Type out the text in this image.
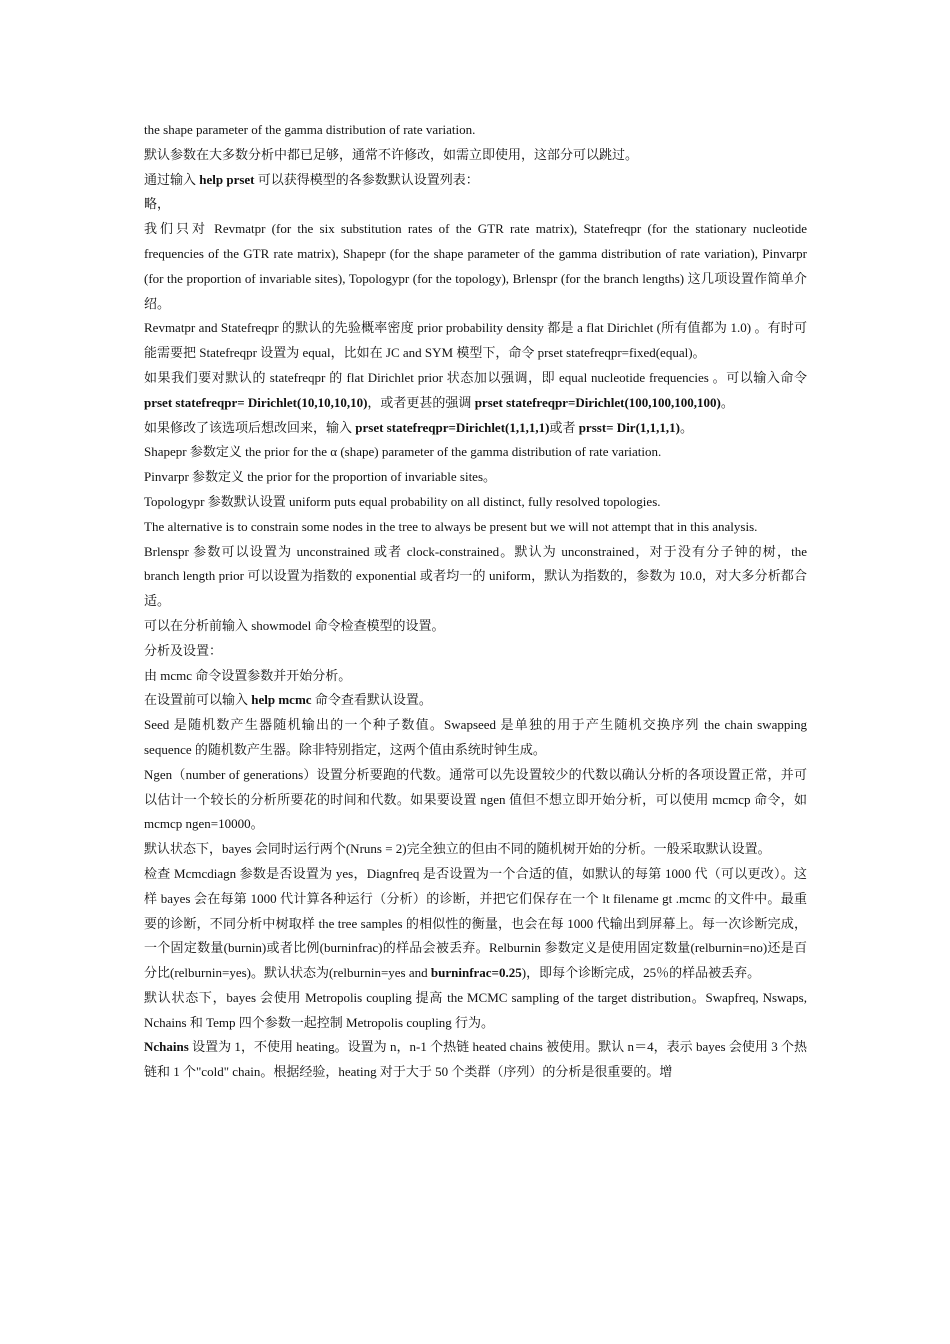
the shape parameter of the gamma distribution of rate variation.

默认参数在大多数分析中都已足够，通常不许修改，如需立即使用，这部分可以跳过。

通过输入 help prset 可以获得模型的各参数默认设置列表：

略，

我们只对 Revmatpr (for the six substitution rates of the GTR rate matrix), Statefreqpr (for the stationary nucleotide frequencies of the GTR rate matrix), Shapepr (for the shape parameter of the gamma distribution of rate variation), Pinvarpr (for the proportion of invariable sites), Topologypr (for the topology), Brlenspr (for the branch lengths) 这几项设置作简单介绍。

Revmatpr and Statefreqpr 的默认的先验概率密度 prior probability density 都是 a flat Dirichlet (所有值都为 1.0) 。有时可能需要把 Statefreqpr 设置为 equal，比如在 JC and SYM 模型下，命令 prset statefreqpr=fixed(equal)。

如果我们要对默认的 statefreqpr 的 flat Dirichlet prior 状态加以强调，即 equal nucleotide frequencies 。可以输入命令 prset statefreqpr= Dirichlet(10,10,10,10)，或者更甚的强调 prset statefreqpr=Dirichlet(100,100,100,100)。

如果修改了该选项后想改回来，输入 prset statefreqpr=Dirichlet(1,1,1,1)或者 prsst= Dir(1,1,1,1)。

Shapepr 参数定义 the prior for the α (shape) parameter of the gamma distribution of rate variation.

Pinvarpr 参数定义 the prior for the proportion of invariable sites。

Topologypr 参数默认设置 uniform puts equal probability on all distinct, fully resolved topologies.

The alternative is to constrain some nodes in the tree to always be present but we will not attempt that in this analysis.

Brlenspr 参数可以设置为 unconstrained 或者 clock-constrained。默认为 unconstrained，对于没有分子钟的树，the branch length prior 可以设置为指数的 exponential 或者均一的 uniform，默认为指数的，参数为 10.0，对大多分析都合适。

可以在分析前输入 showmodel 命令检查模型的设置。

分析及设置：

由 mcmc 命令设置参数并开始分析。

在设置前可以输入 help mcmc 命令查看默认设置。

Seed 是随机数产生器随机输出的一个种子数值。Swapseed 是单独的用于产生随机交换序列 the chain swapping sequence 的随机数产生器。除非特别指定，这两个值由系统时钟生成。

Ngen（number of generations）设置分析要跑的代数。通常可以先设置较少的代数以确认分析的各项设置正常，并可以估计一个较长的分析所要花的时间和代数。如果要设置 ngen 值但不想立即开始分析，可以使用 mcmcp 命令，如 mcmcp ngen=10000。

默认状态下，bayes 会同时运行两个(Nruns = 2)完全独立的但由不同的随机树开始的分析。一般采取默认设置。

检查 Mcmcdiagn 参数是否设置为 yes，Diagnfreq 是否设置为一个合适的值，如默认的每第 1000 代（可以更改）。这样 bayes 会在每第 1000 代计算各种运行（分析）的诊断，并把它们保存在一个 lt filename gt .mcmc 的文件中。最重要的诊断，不同分析中树取样 the tree samples 的相似性的衡量，也会在每 1000 代输出到屏幕上。每一次诊断完成，一个固定数量(burnin)或者比例(burninfrac)的样品会被丢弃。Relburnin 参数定义是使用固定数量(relburnin=no)还是百分比(relburnin=yes)。默认状态为(relburnin=yes and burninfrac=0.25)，即每个诊断完成，25％的样品被丢弃。

默认状态下，bayes 会使用 Metropolis coupling 提高 the MCMC sampling of the target distribution。Swapfreq, Nswaps, Nchains 和 Temp 四个参数一起控制 Metropolis coupling 行为。

Nchains 设置为 1，不使用 heating。设置为 n，n-1 个热链 heated chains 被使用。默认 n＝4，表示 bayes 会使用 3 个热链和 1 个"cold" chain。根据经验，heating 对于大于 50 个类群（序列）的分析是很重要的。增
